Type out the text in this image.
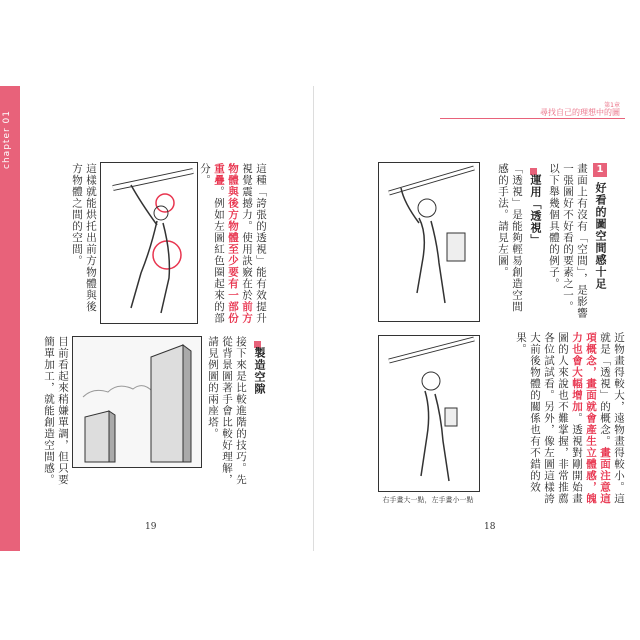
chapter 01
第1章
尋找自己的理想中的圖
1
好看的圖空間感十足
畫面上有沒有「空間」，是影響一張圖好不好看的要素之一。以下舉幾個具體的例子。
運用「透視」
「透視」是能夠輕易創造空間感的手法。請見左圖。
近物畫得較大，遠物畫得較小。這就是「透視」的概念。畫面注意這項概念，畫面就會產生立體感，魄力也會大幅增加。透視對剛開始畫圖的人來說也不難掌握，非常推薦各位試試看。另外，像左圖這樣誇大前後物體的關係也有不錯的效果。
右手畫大一點，左手畫小一點
18
這種「誇張的透視」能有效提升視覺震撼力。使用訣竅在於前方物體與後方物體至少要有一部份重疊。例如左圖紅色圈起來的部分。
這樣就能烘托出前方物體與後方物體之間的空間。
製造空隙
接下來是比較進階的技巧。先從背景圖著手會比較好理解，請見例圖的兩座塔。
目前看起來稍嫌單調，但只要簡單加工，就能創造空間感。
19
